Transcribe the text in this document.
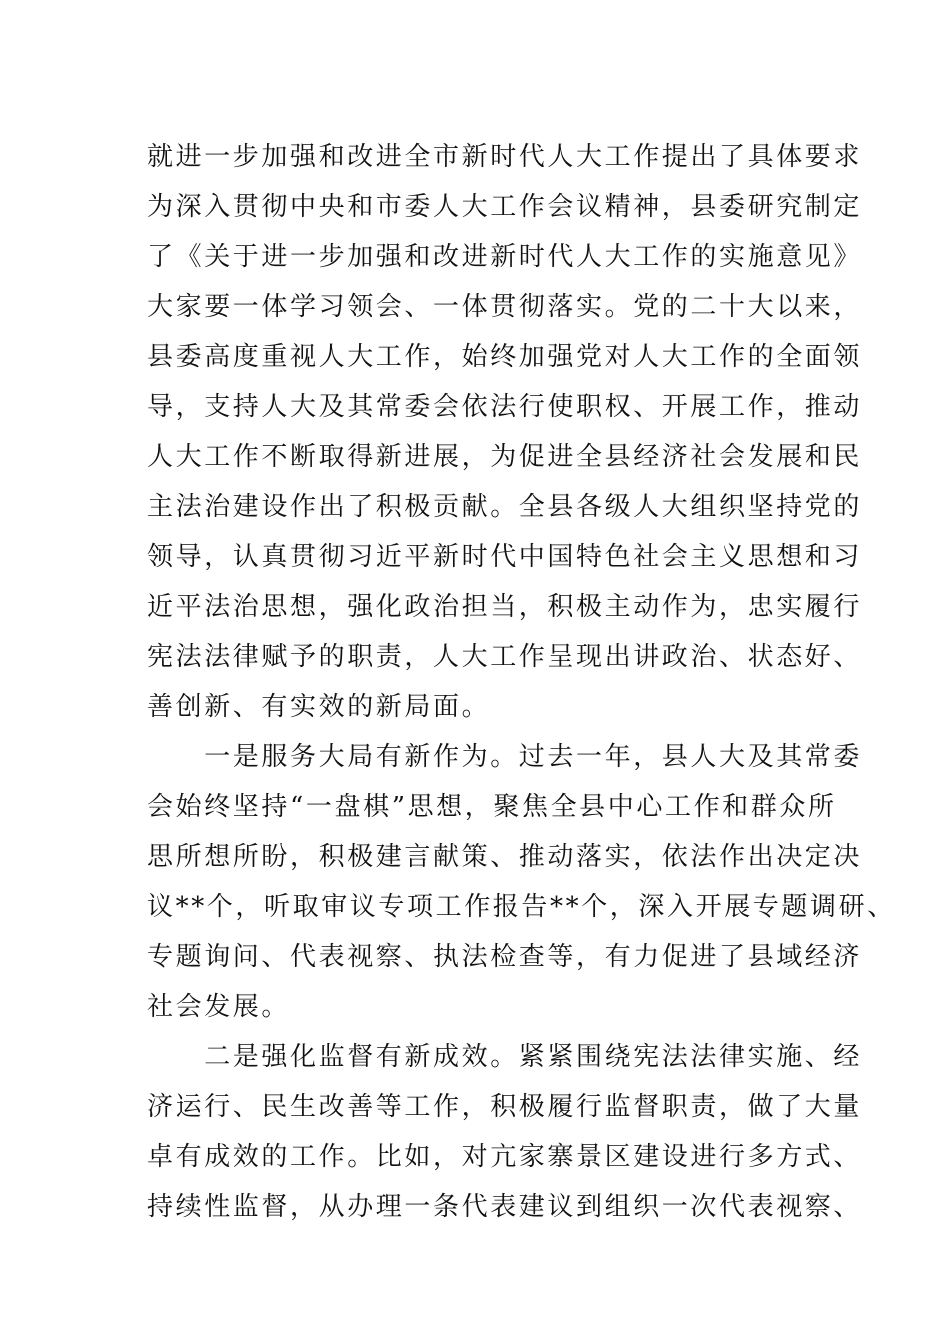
就进一步加强和改进全市新时代人大工作提出了具体要求
为深入贯彻中央和市委人大工作会议精神，县委研究制定
了《关于进一步加强和改进新时代人大工作的实施意见》
大家要一体学习领会、一体贯彻落实。党的二十大以来，
县委高度重视人大工作，始终加强党对人大工作的全面领
导，支持人大及其常委会依法行使职权、开展工作，推动
人大工作不断取得新进展，为促进全县经济社会发展和民
主法治建设作出了积极贡献。全县各级人大组织坚持党的
领导，认真贯彻习近平新时代中国特色社会主义思想和习
近平法治思想，强化政治担当，积极主动作为，忠实履行
宪法法律赋予的职责，人大工作呈现出讲政治、状态好、
善创新、有实效的新局面。
　　一是服务大局有新作为。过去一年，县人大及其常委
会始终坚持“一盘棋”思想，聚焦全县中心工作和群众所
思所想所盼，积极建言献策、推动落实，依法作出决定决
议**个，听取审议专项工作报告**个，深入开展专题调研、
专题询问、代表视察、执法检查等，有力促进了县域经济
社会发展。
　　二是强化监督有新成效。紧紧围绕宪法法律实施、经
济运行、民生改善等工作，积极履行监督职责，做了大量
卓有成效的工作。比如，对亢家寨景区建设进行多方式、
持续性监督，从办理一条代表建议到组织一次代表视察、
